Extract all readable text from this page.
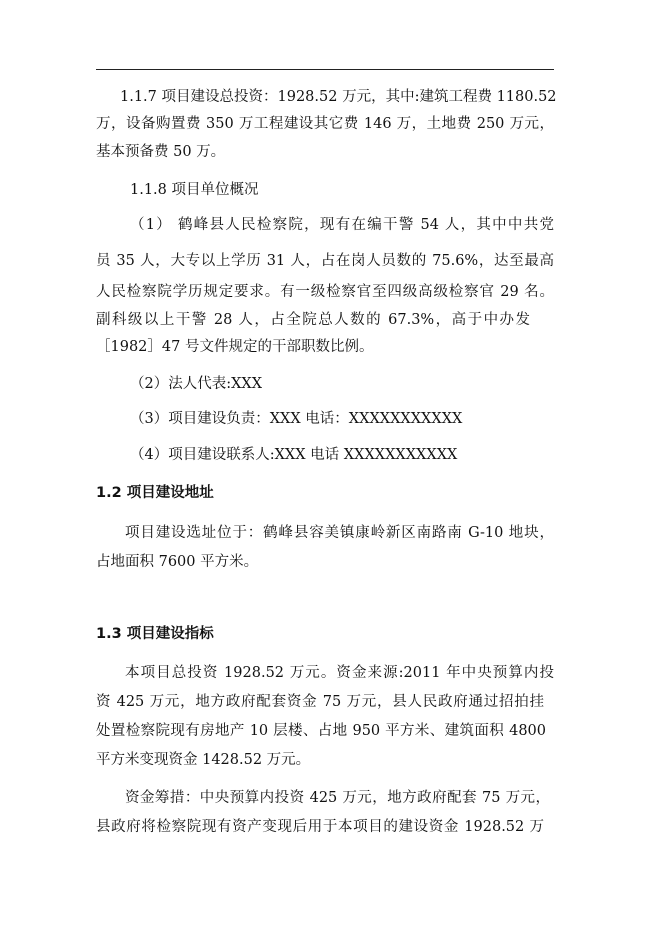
1.1.7 项目建设总投资：1928.52 万元，其中:建筑工程费 1180.52
万，设备购置费 350 万工程建设其它费 146 万，土地费 250 万元，
基本预备费 50 万。
1.1.8 项目单位概况
（1） 鹤峰县人民检察院，现有在编干警 54 人，其中中共党
员 35 人，大专以上学历 31 人，占在岗人员数的 75.6%，达至最高
人民检察院学历规定要求。有一级检察官至四级高级检察官 29 名。
副科级以上干警 28 人，占全院总人数的 67.3%，高于中办发
［1982］47 号文件规定的干部职数比例。
（2）法人代表:XXX
（3）项目建设负责：XXX 电话：XXXXXXXXXXX
（4）项目建设联系人:XXX 电话 XXXXXXXXXXX
1.2 项目建设地址
项目建设选址位于：鹤峰县容美镇康岭新区南路南 G-10 地块，
占地面积 7600 平方米。
1.3 项目建设指标
本项目总投资 1928.52 万元。资金来源:2011 年中央预算内投
资 425 万元，地方政府配套资金 75 万元，县人民政府通过招拍挂
处置检察院现有房地产 10 层楼、占地 950 平方米、建筑面积 4800
平方米变现资金 1428.52 万元。
资金筹措：中央预算内投资 425 万元，地方政府配套 75 万元，
县政府将检察院现有资产变现后用于本项目的建设资金 1928.52 万
